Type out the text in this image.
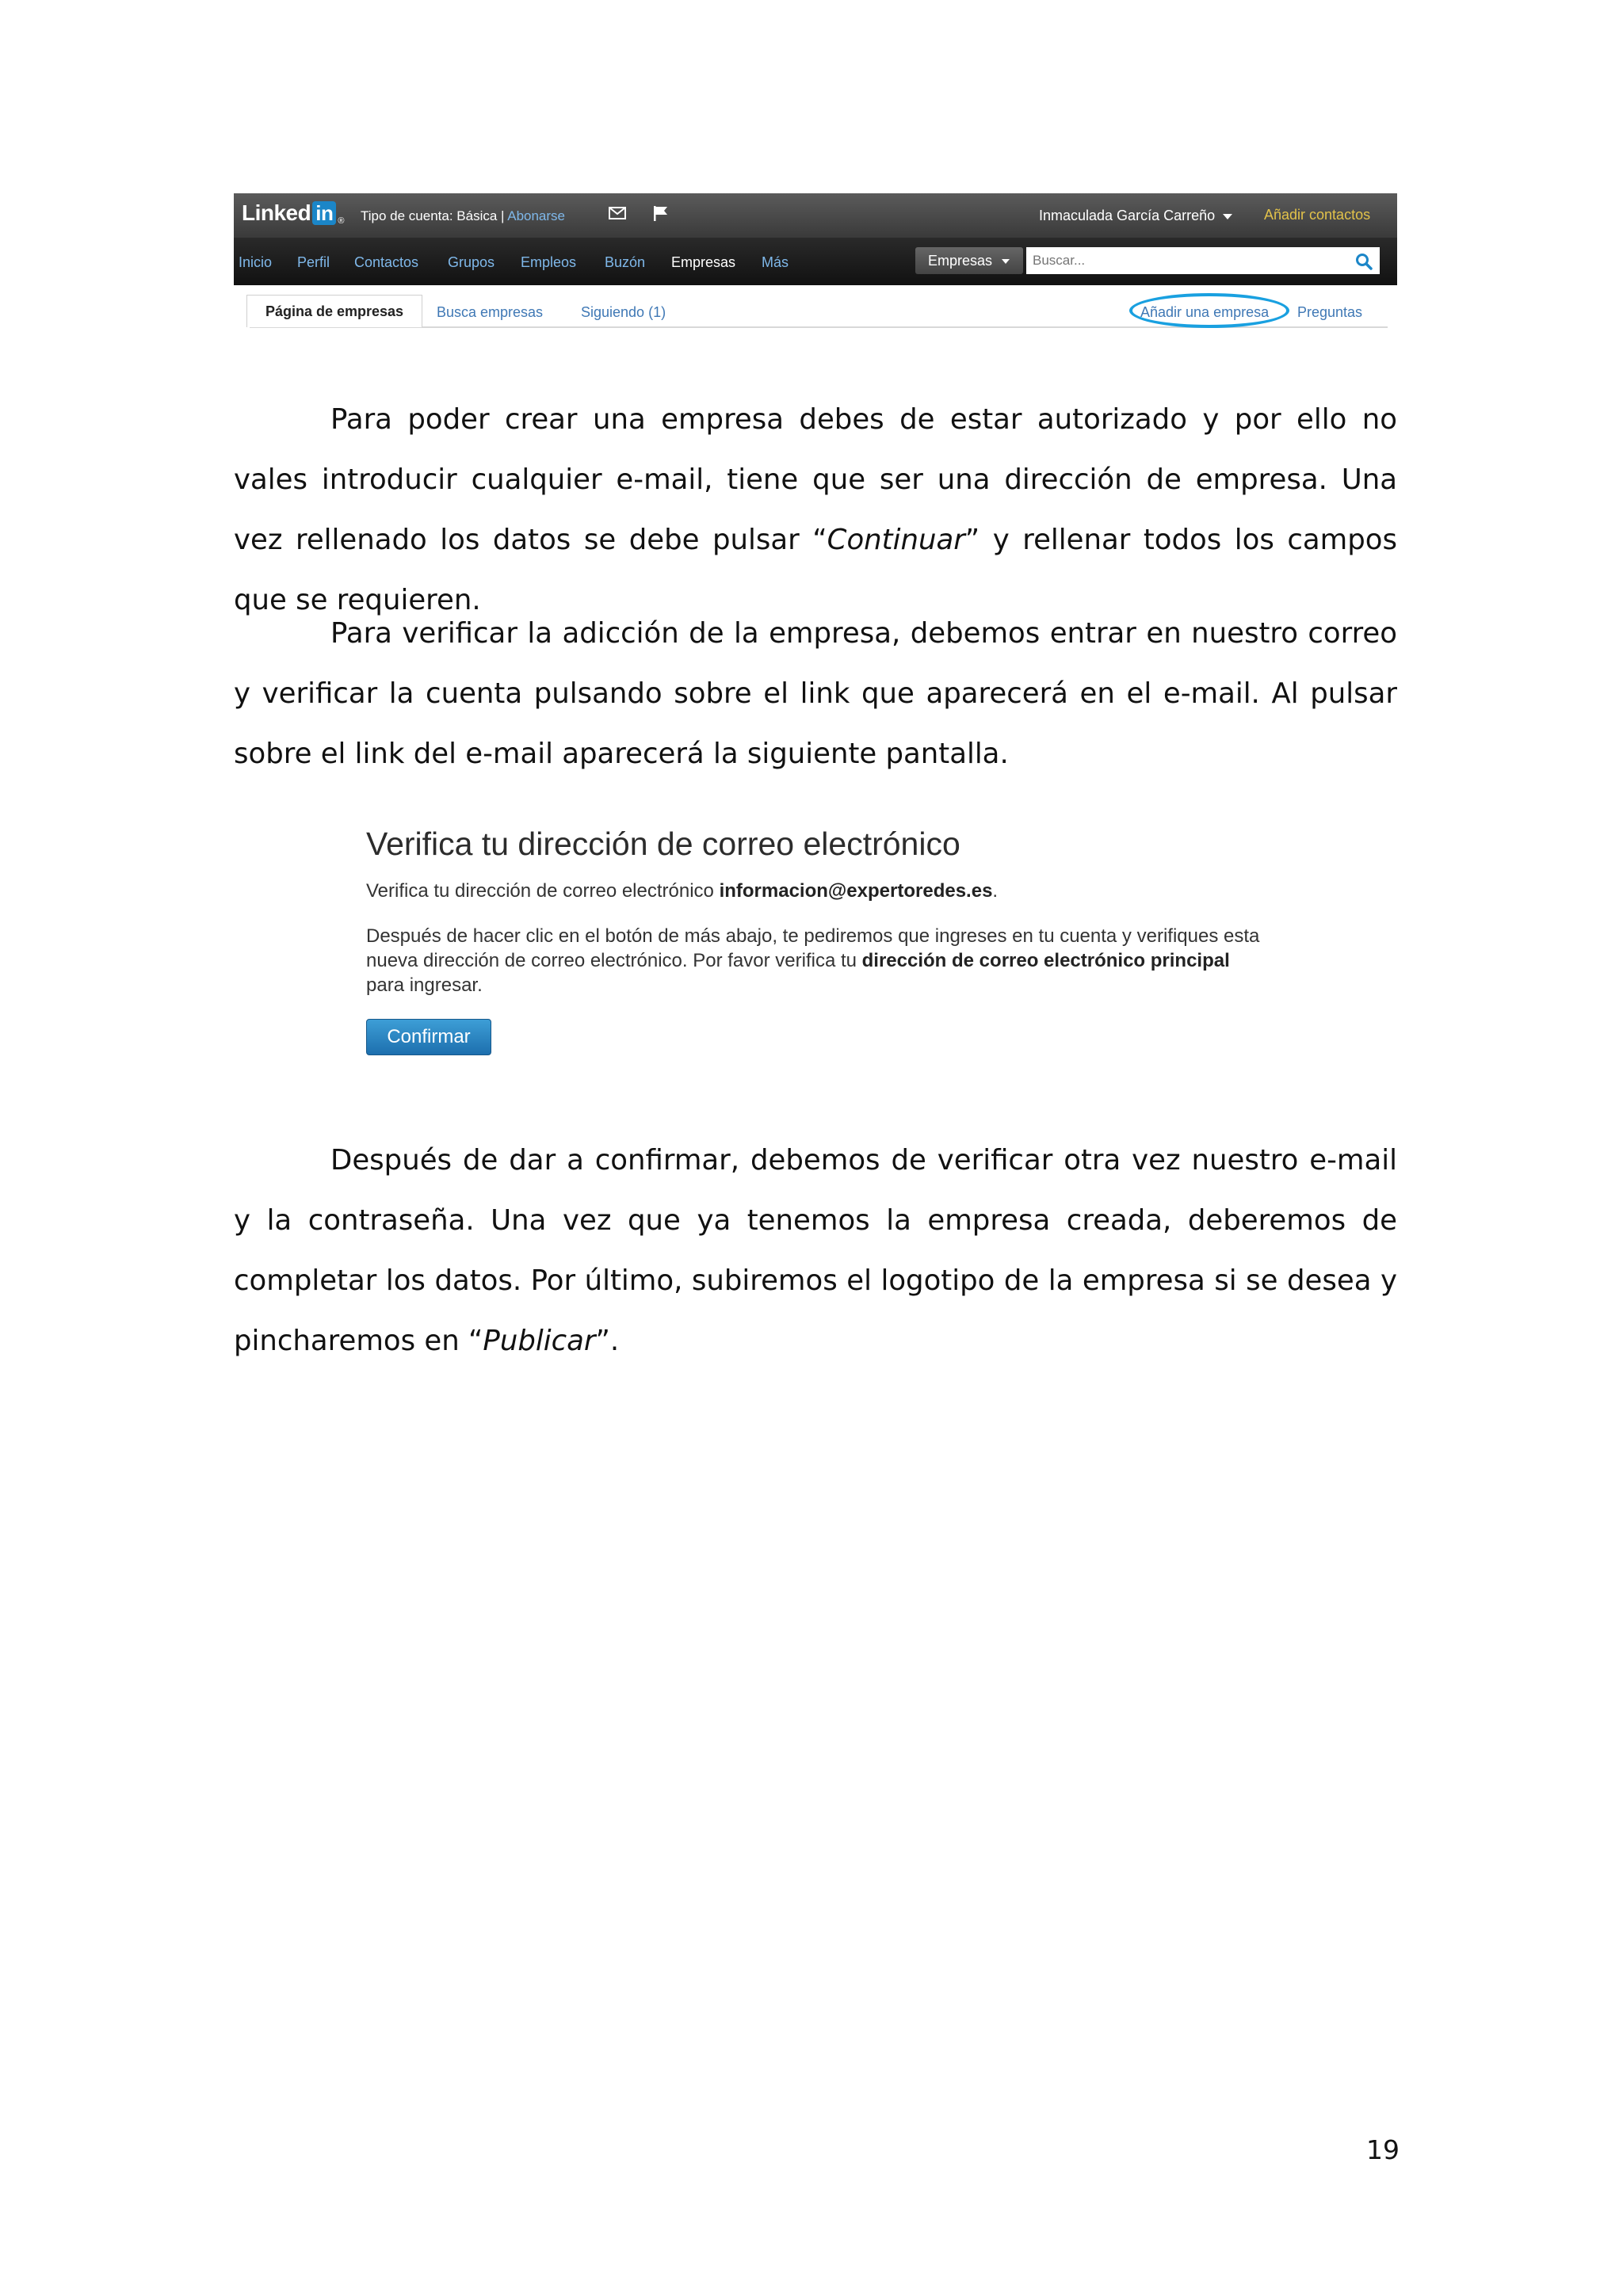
Linked in ® Tipo de cuenta: Básica | Abonarse	Inmaculada García Carreño	Añadir contactos
Inicio Perfil Contactos Grupos Empleos Buzón Empresas Más	Empresas
Buscar...
Página de empresas	Busca empresas	Siguiendo (1)	Añadir una empresa Preguntas

Para poder crear una empresa debes de estar autorizado y por ello no vales introducir cualquier e-mail, tiene que ser una dirección de empresa. Una vez rellenado los datos se debe pulsar “Continuar” y rellenar todos los campos que se requieren.

Para verificar la adicción de la empresa, debemos entrar en nuestro correo y verificar la cuenta pulsando sobre el link que aparecerá en el e-mail. Al pulsar sobre el link del e-mail aparecerá la siguiente pantalla.

Verifica tu dirección de correo electrónico
Verifica tu dirección de correo electrónico informacion@expertoredes.es.
Después de hacer clic en el botón de más abajo, te pediremos que ingreses en tu cuenta y verifiques esta nueva dirección de correo electrónico. Por favor verifica tu dirección de correo electrónico principal para ingresar.
Confirmar

Después de dar a confirmar, debemos de verificar otra vez nuestro e-mail y la contraseña. Una vez que ya tenemos la empresa creada, deberemos de completar los datos. Por último, subiremos el logotipo de la empresa si se desea y pincharemos en “Publicar”.

19
